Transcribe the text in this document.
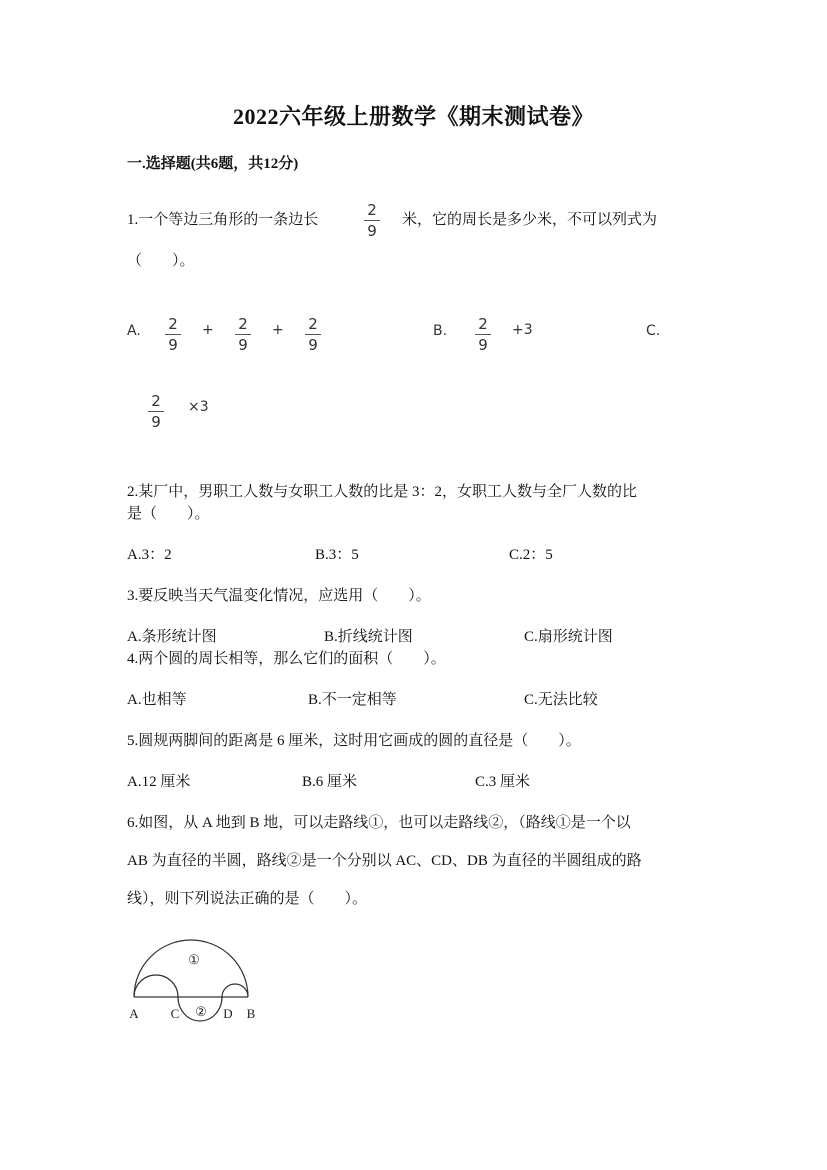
2022六年级上册数学《期末测试卷》
一.选择题(共6题，共12分)
1.一个等边三角形的一条边长
2
9
米，它的周长是多少米，不可以列式为
（　　）。
A.	2
9
+	2
9
+	2
9
B.	2
9
+3	C.
2
9
×3
2.某厂中，男职工人数与女职工人数的比是 3：2，女职工人数与全厂人数的比
是（　　）。
A.3：2	B.3：5	C.2：5
3.要反映当天气温变化情况，应选用（　　）。
A.条形统计图	B.折线统计图	C.扇形统计图
4.两个圆的周长相等，那么它们的面积（　　）。
A.也相等	B.不一定相等	C.无法比较
5.圆规两脚间的距离是 6 厘米，这时用它画成的圆的直径是（　　）。
A.12 厘米	B.6 厘米	C.3 厘米
6.如图，从 A 地到 B 地，可以走路线①，也可以走路线②，（路线①是一个以
AB 为直径的半圆，路线②是一个分别以 AC、CD、DB 为直径的半圆组成的路
线），则下列说法正确的是（　　）。
①
②
A C	D B
